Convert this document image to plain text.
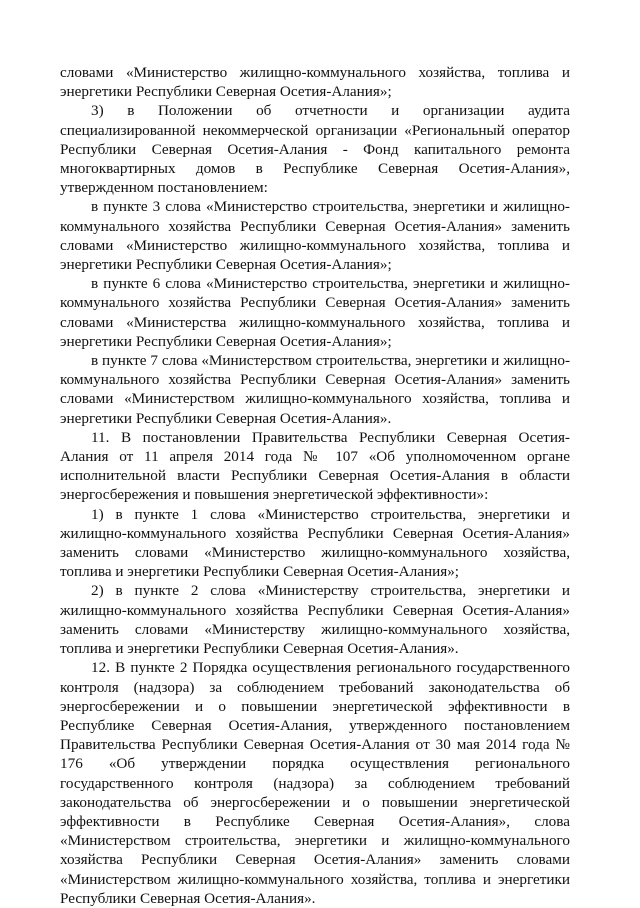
словами «Министерство жилищно-коммунального хозяйства, топлива и энергетики Республики Северная Осетия-Алания»;

3) в Положении об отчетности и организации аудита специализированной некоммерческой организации «Региональный оператор Республики Северная Осетия-Алания - Фонд капитального ремонта многоквартирных домов в Республике Северная Осетия-Алания», утвержденном постановлением:

в пункте 3 слова «Министерство строительства, энергетики и жилищно-коммунального хозяйства Республики Северная Осетия-Алания» заменить словами «Министерство жилищно-коммунального хозяйства, топлива и энергетики Республики Северная Осетия-Алания»;

в пункте 6 слова «Министерство строительства, энергетики и жилищно-коммунального хозяйства Республики Северная Осетия-Алания» заменить словами «Министерства жилищно-коммунального хозяйства, топлива и энергетики Республики Северная Осетия-Алания»;

в пункте 7 слова «Министерством строительства, энергетики и жилищно-коммунального хозяйства Республики Северная Осетия-Алания» заменить словами «Министерством жилищно-коммунального хозяйства, топлива и энергетики Республики Северная Осетия-Алания».

11. В постановлении Правительства Республики Северная Осетия-Алания от 11 апреля 2014 года № 107 «Об уполномоченном органе исполнительной власти Республики Северная Осетия-Алания в области энергосбережения и повышения энергетической эффективности»:

1) в пункте 1 слова «Министерство строительства, энергетики и жилищно-коммунального хозяйства Республики Северная Осетия-Алания» заменить словами «Министерство жилищно-коммунального хозяйства, топлива и энергетики Республики Северная Осетия-Алания»;

2) в пункте 2 слова «Министерству строительства, энергетики и жилищно-коммунального хозяйства Республики Северная Осетия-Алания» заменить словами «Министерству жилищно-коммунального хозяйства, топлива и энергетики Республики Северная Осетия-Алания».

12. В пункте 2 Порядка осуществления регионального государственного контроля (надзора) за соблюдением требований законодательства об энергосбережении и о повышении энергетической эффективности в Республике Северная Осетия-Алания, утвержденного постановлением Правительства Республики Северная Осетия-Алания от 30 мая 2014 года № 176 «Об утверждении порядка осуществления регионального государственного контроля (надзора) за соблюдением требований законодательства об энергосбережении и о повышении энергетической эффективности в Республике Северная Осетия-Алания», слова «Министерством строительства, энергетики и жилищно-коммунального хозяйства Республики Северная Осетия-Алания» заменить словами «Министерством жилищно-коммунального хозяйства, топлива и энергетики Республики Северная Осетия-Алания».
